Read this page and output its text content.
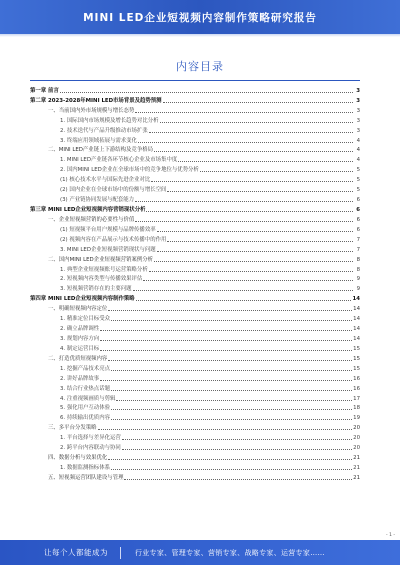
MINI LED企业短视频内容制作策略研究报告
内容目录
第一章 前言	3
第二章 2023-2028年MINI LED市场背景及趋势预测	3
一、当前国内外市场规模与增长态势	3
1. 国际国内市场规模及增长趋势对比分析	3
2. 技术迭代与产品升级推动市场扩张	3
3. 终端应用领域拓展与需求变化	4
二、MINI LED产业链上下游结构及竞争格局	4
1. MINI LED产业链各环节核心企业及市场集中度	4
2. 国内MINI LED企业在全球市场中的竞争地位与优势分析	5
(1) 核心技术水平与国际先进企业对比	5
(2) 国内企业在全球市场中的份额与增长空间	5
(3) 产业链协同发展与配套能力	6
第三章 MINI LED企业短视频内容营销现状分析	6
一、企业短视频营销的必要性与价值	6
(1) 短视频平台用户规模与品牌传播效率	6
(2) 视频内容在产品展示与技术传播中的作用	7
3. MINI LED企业短视频营销现状与问题	7
二、国内MINI LED企业短视频营销案例分析	8
1. 典型企业短视频账号运营策略分析	8
2. 短视频内容类型与传播效果评估	9
3. 短视频营销存在的主要问题	9
第四章 MINI LED企业短视频内容制作策略	14
一、明确短视频内容定位	14
1. 精准定位目标受众	14
2. 确立品牌调性	14
3. 规划内容方向	14
4. 制定运营目标	15
二、打造优质短视频内容	15
1. 挖掘产品技术亮点	15
2. 讲好品牌故事	16
3. 结合行业热点话题	16
4. 注重视频画质与剪辑	17
5. 强化用户互动体验	18
6. 持续输出优质内容	19
三、多平台分发策略	20
1. 平台选择与差异化运营	20
2. 跨平台内容联动与协同	20
四、数据分析与效果优化	21
1. 数据监测指标体系	21
五、短视频运营团队建设与管理	21
- 1 -
让每个人都能成为	行业专家、管理专家、营销专家、战略专家、运营专家……
